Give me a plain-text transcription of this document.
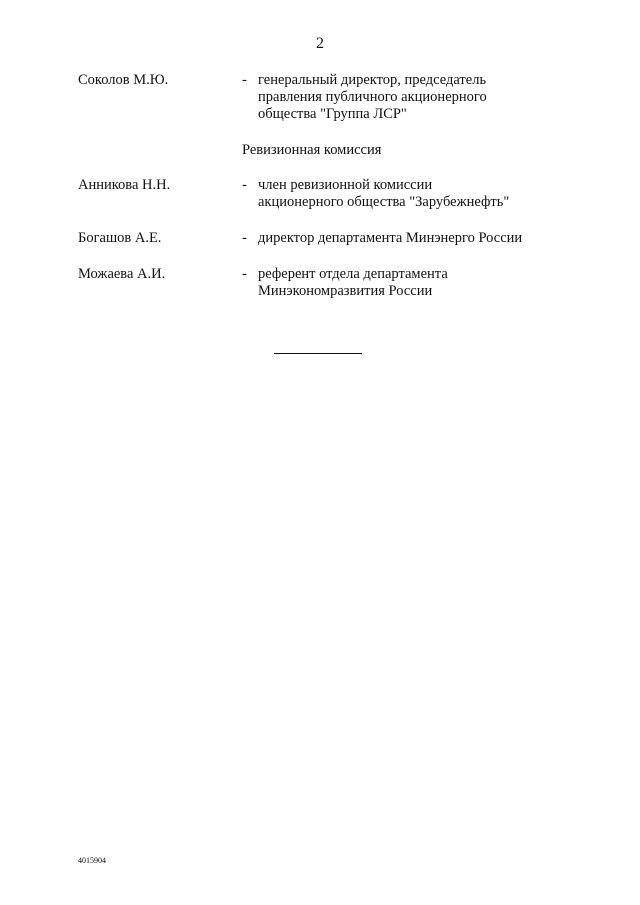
2
Соколов М.Ю.	- генеральный директор, председатель
правления публичного акционерного
общества "Группа ЛСР"
Ревизионная комиссия
Анникова Н.Н.	- член ревизионной комиссии
акционерного общества "Зарубежнефть"
Богашов А.Е.	- директор департамента Минэнерго России
Можаева А.И.	- референт отдела департамента
Минэкономразвития России
4015904
